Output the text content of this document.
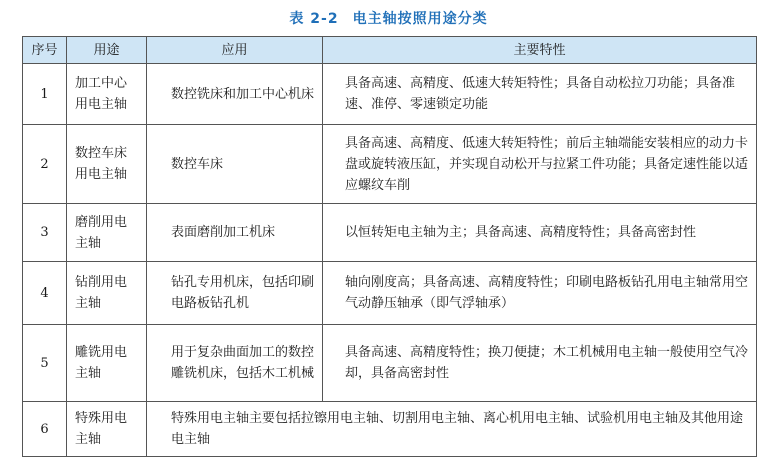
表 2-2 电主轴按照用途分类
序号	用途	应用	主要特性
1	加工中心用电主轴	数控铣床和加工中心机床	具备高速、高精度、低速大转矩特性；具备自动松拉刀功能；具备准速、准停、零速锁定功能
2	数控车床用电主轴	数控车床	具备高速、高精度、低速大转矩特性；前后主轴端能安装相应的动力卡盘或旋转液压缸，并实现自动松开与拉紧工件功能；具备定速性能以适应螺纹车削
3	磨削用电主轴	表面磨削加工机床	以恒转矩电主轴为主；具备高速、高精度特性；具备高密封性
4	钻削用电主轴	钻孔专用机床，包括印刷电路板钻孔机	轴向刚度高；具备高速、高精度特性；印刷电路板钻孔用电主轴常用空气动静压轴承（即气浮轴承）
5	雕铣用电主轴	用于复杂曲面加工的数控雕铣机床，包括木工机械	具备高速、高精度特性；换刀便捷；木工机械用电主轴一般使用空气冷却，具备高密封性
6	特殊用电主轴	特殊用电主轴主要包括拉镲用电主轴、切割用电主轴、离心机用电主轴、试验机用电主轴及其他用途电主轴	
